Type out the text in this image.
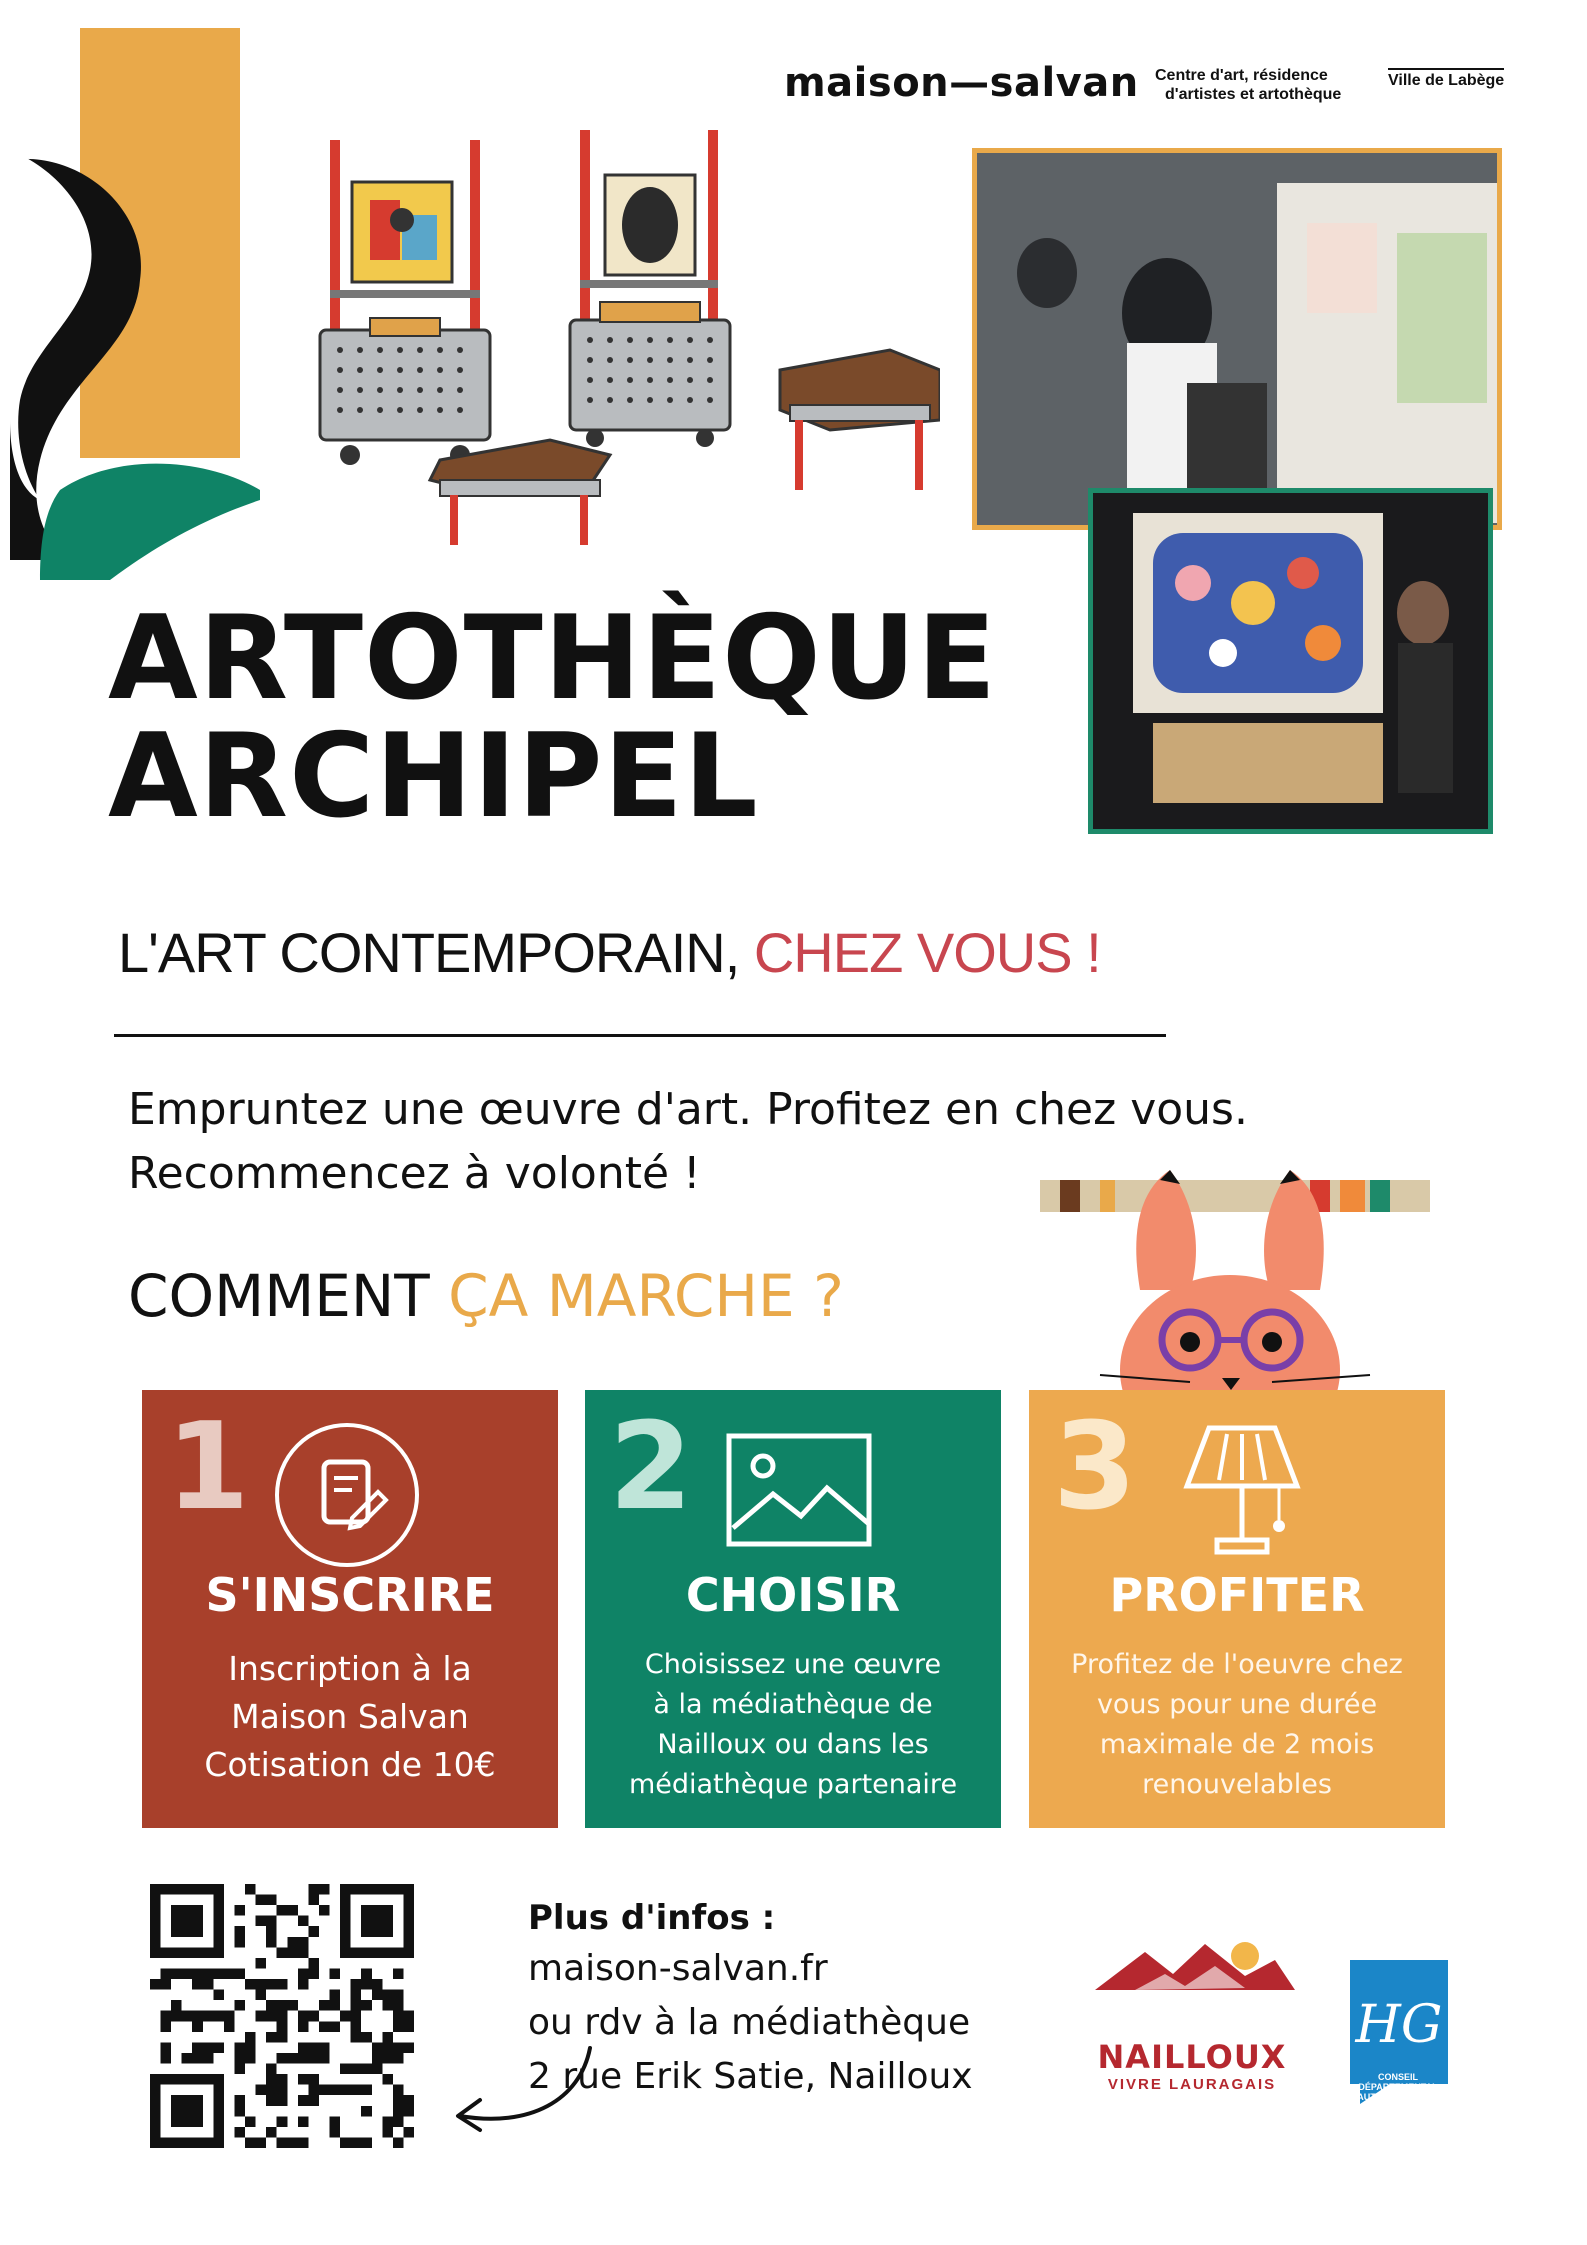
maison—salvan Centre d'art, résidence
d'artistes et artothèque
Ville de Labège
ARTOTHÈQUE
ARCHIPEL
L'ART CONTEMPORAIN, CHEZ VOUS !
Empruntez une œuvre d'art. Profitez en chez vous.
Recommencez à volonté !
COMMENT ÇA MARCHE ?
1
S'INSCRIRE
Inscription à la
Maison Salvan
Cotisation de 10€
2
CHOISIR
Choisissez une œuvre
à la médiathèque de
Nailloux ou dans les
médiathèque partenaire
3
PROFITER
Profitez de l'oeuvre chez
vous pour une durée
maximale de 2 mois
renouvelables
Plus d'infos :
maison-salvan.fr
ou rdv à la médiathèque
2 rue Erik Satie, Nailloux	NAILLOUX
VIVRE LAURAGAIS
HG
CONSEIL DÉPARTEMENTAL
HAUTE-GARONNE.FR
